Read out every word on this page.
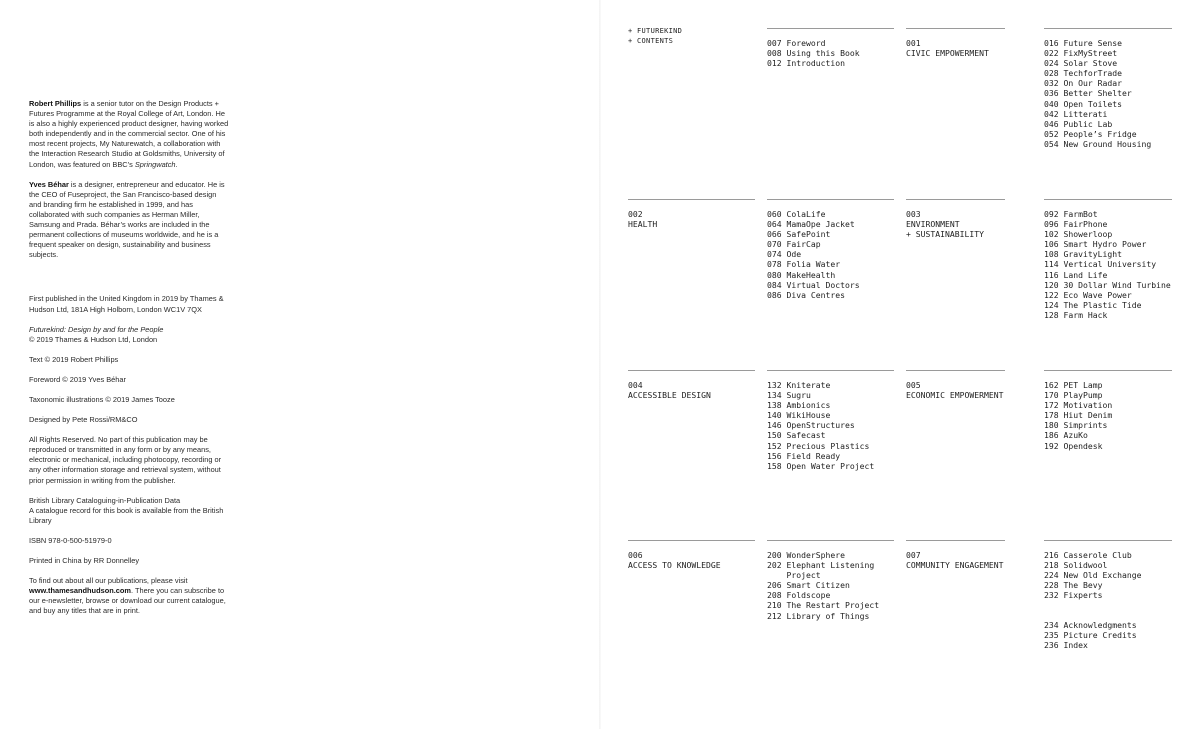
Robert Phillips is a senior tutor on the Design Products + Futures Programme at the Royal College of Art, London. He is also a highly experienced product designer, having worked both independently and in the commercial sector. One of his most recent projects, My Naturewatch, a collaboration with the Interaction Research Studio at Goldsmiths, University of London, was featured on BBC’s Springwatch.

Yves Béhar is a designer, entrepreneur and educator. He is the CEO of Fuseproject, the San Francisco-based design and branding firm he established in 1999, and has collaborated with such companies as Herman Miller, Samsung and Prada. Béhar’s works are included in the permanent collections of museums worldwide, and he is a frequent speaker on design, sustainability and business subjects.

First published in the United Kingdom in 2019 by Thames & Hudson Ltd, 181A High Holborn, London WC1V 7QX

Futurekind: Design by and for the People

© 2019 Thames & Hudson Ltd, London

Text © 2019 Robert Phillips

Foreword © 2019 Yves Béhar

Taxonomic illustrations © 2019 James Tooze

Designed by Pete Rossi/RM&CO

All Rights Reserved. No part of this publication may be reproduced or transmitted in any form or by any means, electronic or mechanical, including photocopy, recording or any other information storage and retrieval system, without prior permission in writing from the publisher.

British Library Cataloguing-in-Publication Data

A catalogue record for this book is available from the British Library

ISBN 978-0-500-51979-0

Printed in China by RR Donnelley

To find out about all our publications, please visit www.thamesandhudson.com. There you can subscribe to our e-newsletter, browse or download our current catalogue, and buy any titles that are in print.

+ FUTUREKIND
+ CONTENTS	007 Foreword
008 Using this Book
012 Introduction
001
CIVIC EMPOWERMENT
016 Future Sense
022 FixMyStreet
024 Solar Stove
028 TechforTrade
032 On Our Radar
036 Better Shelter
040 Open Toilets
042 Litterati
046 Public Lab
052 People’s Fridge
054 New Ground Housing
002
HEALTH
060 ColaLife
064 MamaOpe Jacket
066 SafePoint
070 FairCap
074 Ode
078 Folia Water
080 MakeHealth
084 Virtual Doctors
086 Diva Centres
003
ENVIRONMENT
+ SUSTAINABILITY
092 FarmBot
096 FairPhone
102 Showerloop
106 Smart Hydro Power
108 GravityLight
114 Vertical University
116 Land Life
120 30 Dollar Wind Turbine
122 Eco Wave Power
124 The Plastic Tide
128 Farm Hack
004
ACCESSIBLE DESIGN
132 Kniterate
134 Sugru
138 Ambionics
140 WikiHouse
146 OpenStructures
150 Safecast
152 Precious Plastics
156 Field Ready
158 Open Water Project
005
ECONOMIC EMPOWERMENT
162 PET Lamp
170 PlayPump
172 Motivation
178 Hiut Denim
180 Simprints
186 AzuKo
192 Opendesk
006
ACCESS TO KNOWLEDGE
200 WonderSphere
202 Elephant Listening
Project
206 Smart Citizen
208 Foldscope
210 The Restart Project
212 Library of Things
007
COMMUNITY ENGAGEMENT
216 Casserole Club
218 Solidwool
224 New Old Exchange
228 The Bevy
232 Fixperts
234 Acknowledgments
235 Picture Credits
236 Index
